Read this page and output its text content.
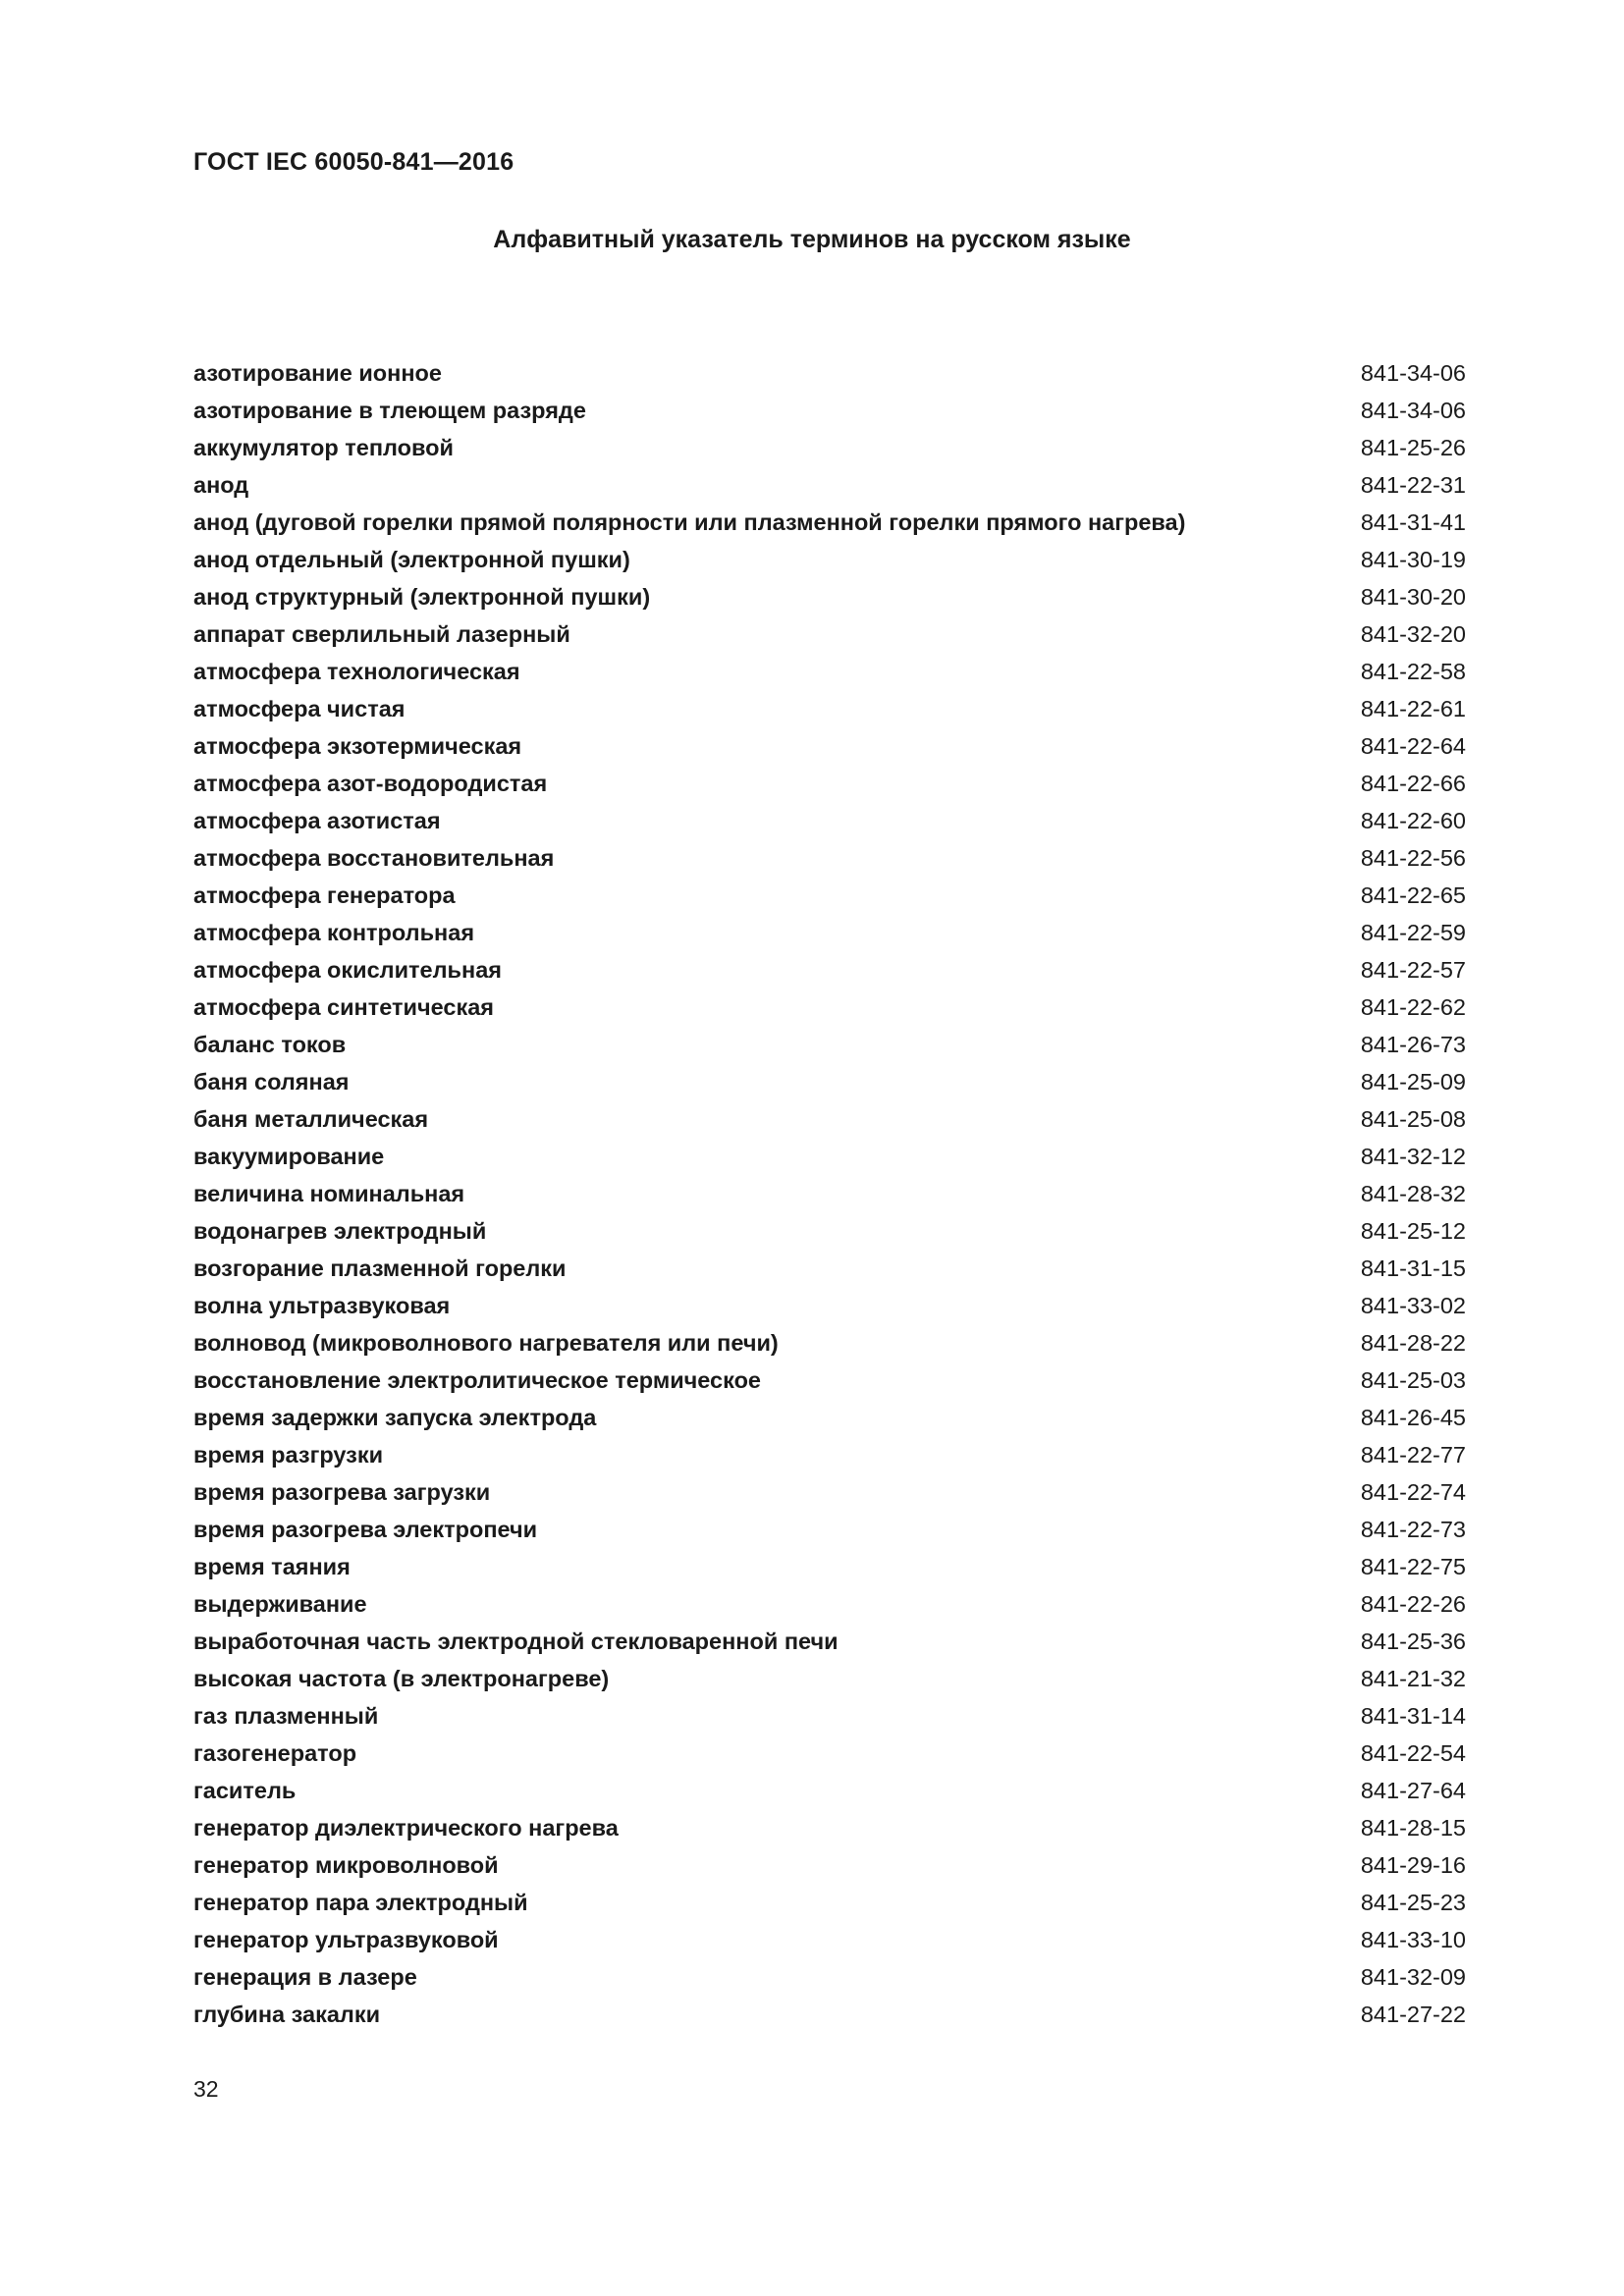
ГОСТ IEC 60050-841—2016
Алфавитный указатель терминов на русском языке
азотирование ионное	841-34-06
азотирование в тлеющем разряде	841-34-06
аккумулятор тепловой	841-25-26
анод	841-22-31
анод (дуговой горелки прямой полярности или плазменной горелки прямого нагрева)	841-31-41
анод отдельный (электронной пушки)	841-30-19
анод структурный (электронной пушки)	841-30-20
аппарат сверлильный лазерный	841-32-20
атмосфера технологическая	841-22-58
атмосфера чистая	841-22-61
атмосфера экзотермическая	841-22-64
атмосфера азот-водородистая	841-22-66
атмосфера азотистая	841-22-60
атмосфера восстановительная	841-22-56
атмосфера генератора	841-22-65
атмосфера контрольная	841-22-59
атмосфера окислительная	841-22-57
атмосфера синтетическая	841-22-62
баланс токов	841-26-73
баня соляная	841-25-09
баня металлическая	841-25-08
вакуумирование	841-32-12
величина номинальная	841-28-32
водонагрев электродный	841-25-12
возгорание плазменной горелки	841-31-15
волна ультразвуковая	841-33-02
волновод (микроволнового нагревателя или печи)	841-28-22
восстановление электролитическое термическое	841-25-03
время задержки запуска электрода	841-26-45
время разгрузки	841-22-77
время разогрева загрузки	841-22-74
время разогрева электропечи	841-22-73
время таяния	841-22-75
выдерживание	841-22-26
выработочная часть электродной стекловаренной печи	841-25-36
высокая частота (в электронагреве)	841-21-32
газ плазменный	841-31-14
газогенератор	841-22-54
гаситель	841-27-64
генератор диэлектрического нагрева	841-28-15
генератор микроволновой	841-29-16
генератор пара электродный	841-25-23
генератор ультразвуковой	841-33-10
генерация в лазере	841-32-09
глубина закалки	841-27-22
32
